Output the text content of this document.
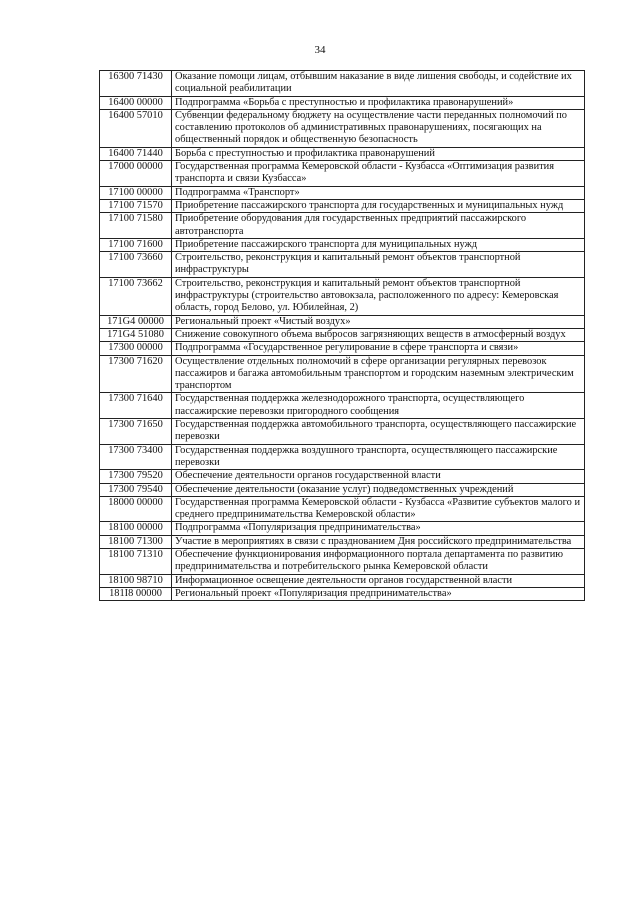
34
16300 71430	Оказание помощи лицам, отбывшим наказание в виде лишения свободы, и содействие их социальной реабилитации
16400 00000	Подпрограмма «Борьба с преступностью и профилактика правонарушений»
16400 57010	Субвенции федеральному бюджету на осуществление части переданных полномочий по составлению протоколов об административных правонарушениях, посягающих на общественный порядок и общественную безопасность
16400 71440	Борьба с преступностью и профилактика правонарушений
17000 00000	Государственная программа Кемеровской области - Кузбасса «Оптимизация развития транспорта и связи Кузбасса»
17100 00000	Подпрограмма «Транспорт»
17100 71570	Приобретение пассажирского транспорта для государственных и муниципальных нужд
17100 71580	Приобретение оборудования для государственных предприятий пассажирского автотранспорта
17100 71600	Приобретение пассажирского транспорта для муниципальных нужд
17100 73660	Строительство, реконструкция и капитальный ремонт объектов транспортной инфраструктуры
17100 73662	Строительство, реконструкция и капитальный ремонт объектов транспортной инфраструктуры (строительство автовокзала, расположенного по адресу: Кемеровская область, город Белово, ул. Юбилейная, 2)
171G4 00000	Региональный проект «Чистый воздух»
171G4 51080	Снижение совокупного объема выбросов загрязняющих веществ в атмосферный воздух
17300 00000	Подпрограмма «Государственное регулирование в сфере транспорта и связи»
17300 71620	Осуществление отдельных полномочий в сфере организации регулярных перевозок пассажиров и багажа автомобильным транспортом и городским наземным электрическим транспортом
17300 71640	Государственная поддержка железнодорожного транспорта, осуществляющего пассажирские перевозки пригородного сообщения
17300 71650	Государственная поддержка автомобильного транспорта, осуществляющего пассажирские перевозки
17300 73400	Государственная поддержка воздушного транспорта, осуществляющего пассажирские перевозки
17300 79520	Обеспечение деятельности органов государственной власти
17300 79540	Обеспечение деятельности (оказание услуг) подведомственных учреждений
18000 00000	Государственная программа Кемеровской области - Кузбасса «Развитие субъектов малого и среднего предпринимательства Кемеровской области»
18100 00000	Подпрограмма «Популяризация предпринимательства»
18100 71300	Участие в мероприятиях в связи с празднованием Дня российского предпринимательства
18100 71310	Обеспечение функционирования информационного портала департамента по развитию предпринимательства и потребительского рынка Кемеровской области
18100 98710	Информационное освещение деятельности органов государственной власти
181I8 00000	Региональный проект «Популяризация предпринимательства»
